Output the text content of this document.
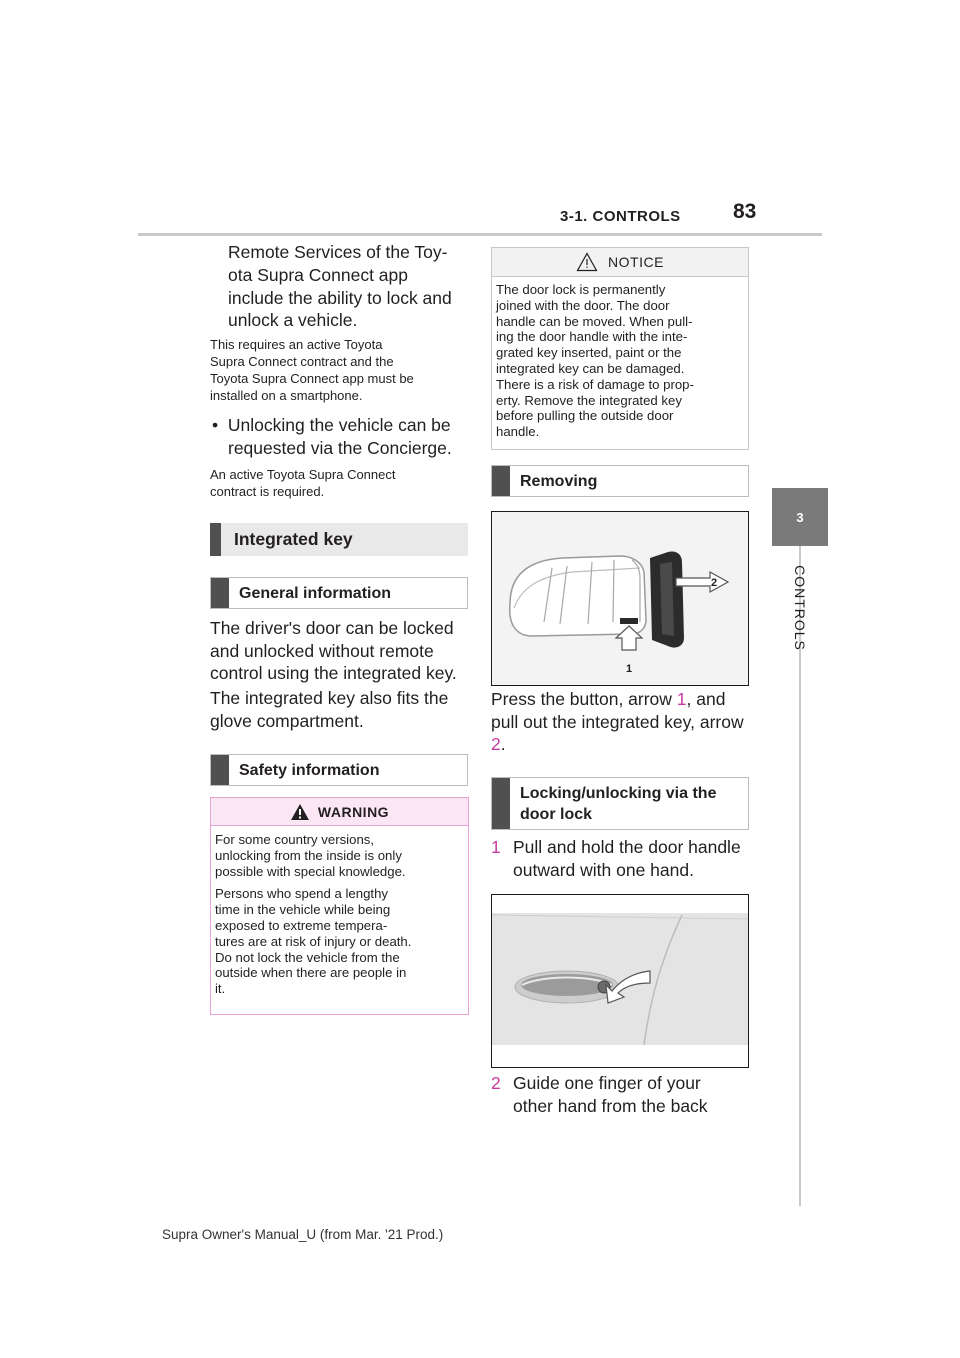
3-1. CONTROLS 83
3
CONTROLS
Remote Services of the Toy-
ota Supra Connect app
include the ability to lock and
unlock a vehicle.
This requires an active Toyota
Supra Connect contract and the
Toyota Supra Connect app must be
installed on a smartphone.
• Unlocking the vehicle can be
requested via the Concierge.
An active Toyota Supra Connect
contract is required.
Integrated key
General information
The driver's door can be locked
and unlocked without remote
control using the integrated key.
The integrated key also fits the
glove compartment.
Safety information
WARNING

For some country versions,
unlocking from the inside is only
possible with special knowledge.

Persons who spend a lengthy
time in the vehicle while being
exposed to extreme tempera-
tures are at risk of injury or death.
Do not lock the vehicle from the
outside when there are people in
it.

NOTICE
The door lock is permanently
joined with the door. The door
handle can be moved. When pull-
ing the door handle with the inte-
grated key inserted, paint or the
integrated key can be damaged.
There is a risk of damage to prop-
erty. Remove the integrated key
before pulling the outside door
handle.
Removing
2
1
Press the button, arrow 1, and
pull out the integrated key, arrow
2.
Locking/unlocking via the
door lock
1 Pull and hold the door handle
outward with one hand.
2 Guide one finger of your
other hand from the back
Supra Owner's Manual_U (from Mar. '21 Prod.)
